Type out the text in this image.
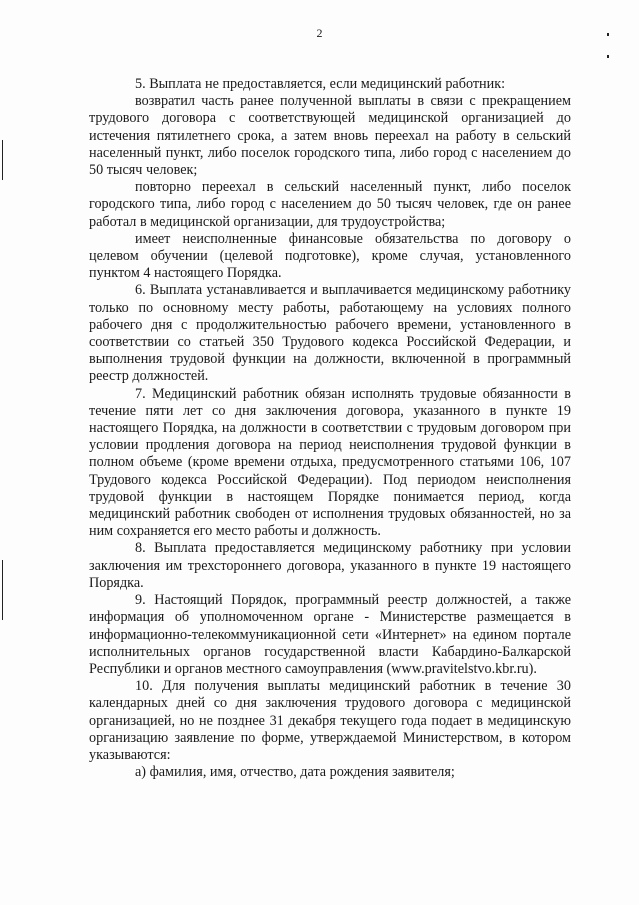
2

5. Выплата не предоставляется, если медицинский работник:

возвратил часть ранее полученной выплаты в связи с прекращением трудового договора с соответствующей медицинской организацией до истечения пятилетнего срока, а затем вновь переехал на работу в сельский населенный пункт, либо поселок городского типа, либо город с населением до 50 тысяч человек;

повторно переехал в сельский населенный пункт, либо поселок городского типа, либо город с населением до 50 тысяч человек, где он ранее работал в медицинской организации, для трудоустройства;

имеет неисполненные финансовые обязательства по договору о целевом обучении (целевой подготовке), кроме случая, установленного пунктом 4 настоящего Порядка.

6. Выплата устанавливается и выплачивается медицинскому работнику только по основному месту работы, работающему на условиях полного рабочего дня с продолжительностью рабочего времени, установленного в соответствии со статьей 350 Трудового кодекса Российской Федерации, и выполнения трудовой функции на должности, включенной в программный реестр должностей.

7. Медицинский работник обязан исполнять трудовые обязанности в течение пяти лет со дня заключения договора, указанного в пункте 19 настоящего Порядка, на должности в соответствии с трудовым договором при условии продления договора на период неисполнения трудовой функции в полном объеме (кроме времени отдыха, предусмотренного статьями 106, 107 Трудового кодекса Российской Федерации). Под периодом неисполнения трудовой функции в настоящем Порядке понимается период, когда медицинский работник свободен от исполнения трудовых обязанностей, но за ним сохраняется его место работы и должность.

8. Выплата предоставляется медицинскому работнику при условии заключения им трехстороннего договора, указанного в пункте 19 настоящего Порядка.

9. Настоящий Порядок, программный реестр должностей, а также информация об уполномоченном органе - Министерстве размещается в информационно-телекоммуникационной сети «Интернет» на едином портале исполнительных органов государственной власти Кабардино-Балкарской Республики и органов местного самоуправления (www.pravitelstvo.kbr.ru).

10. Для получения выплаты медицинский работник в течение 30 календарных дней со дня заключения трудового договора с медицинской организацией, но не позднее 31 декабря текущего года подает в медицинскую организацию заявление по форме, утверждаемой Министерством, в котором указываются:

а) фамилия, имя, отчество, дата рождения заявителя;
